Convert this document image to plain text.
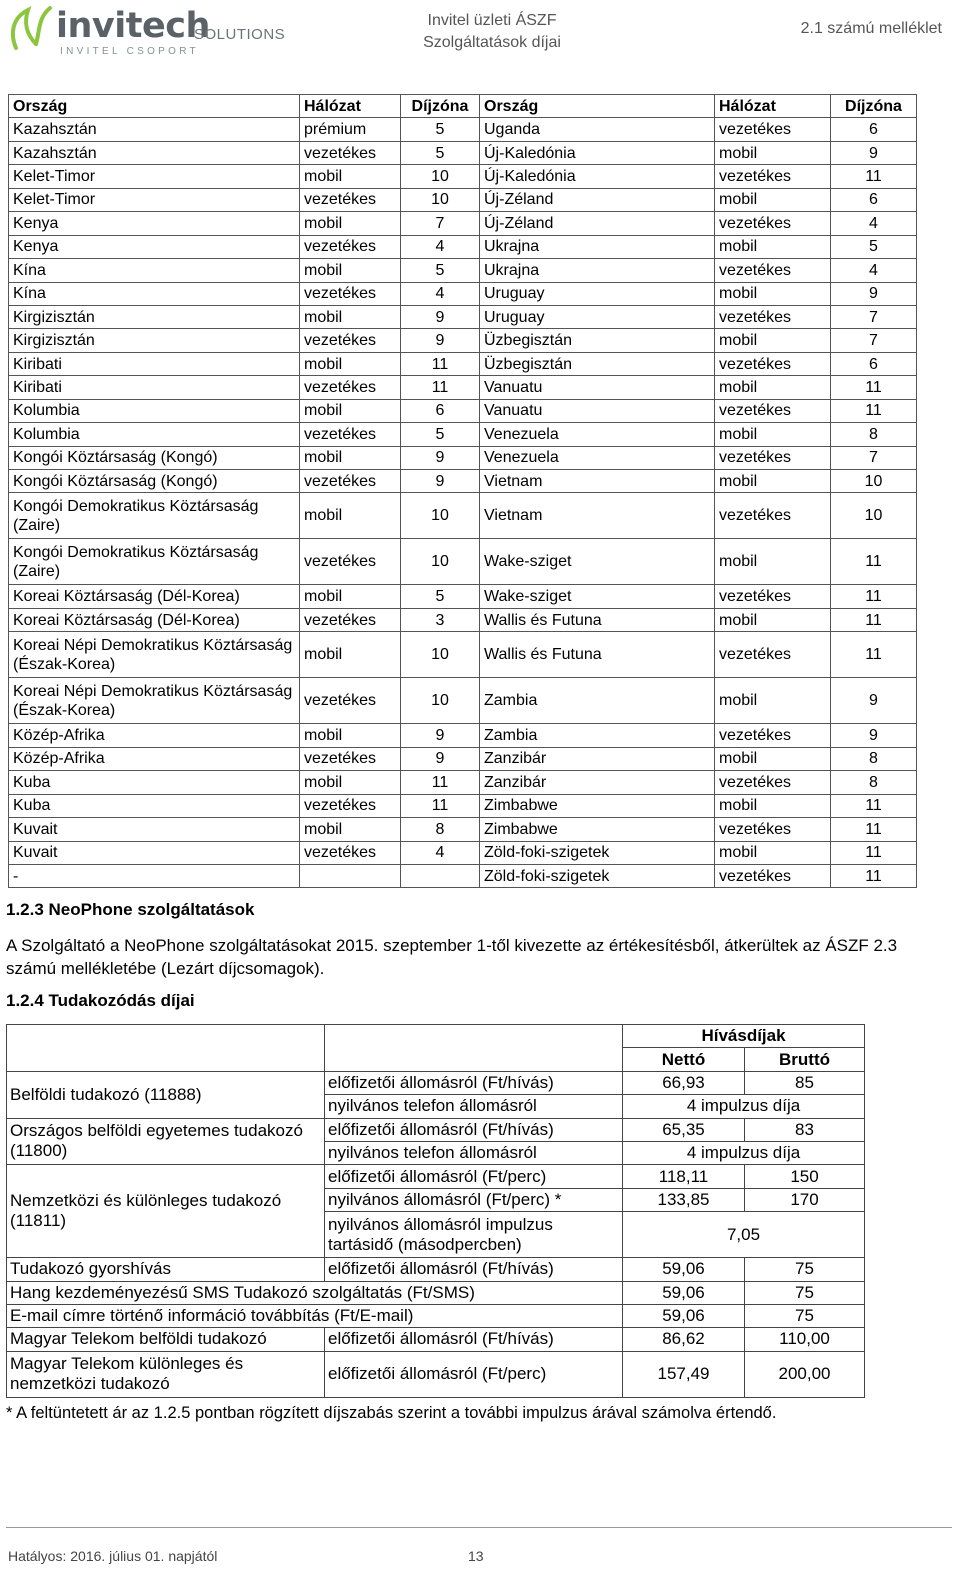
invitech
SOLUTIONS
INVITEL CSOPORT
Invitel üzleti ÁSZF
Szolgáltatások díjai
2.1 számú melléklet
Ország	Hálózat	Díjzóna	Ország	Hálózat	Díjzóna
Kazahsztán	prémium	5	Uganda	vezetékes	6
Kazahsztán	vezetékes	5	Új-Kaledónia	mobil	9
Kelet-Timor	mobil	10	Új-Kaledónia	vezetékes	11
Kelet-Timor	vezetékes	10	Új-Zéland	mobil	6
Kenya	mobil	7	Új-Zéland	vezetékes	4
Kenya	vezetékes	4	Ukrajna	mobil	5
Kína	mobil	5	Ukrajna	vezetékes	4
Kína	vezetékes	4	Uruguay	mobil	9
Kirgizisztán	mobil	9	Uruguay	vezetékes	7
Kirgizisztán	vezetékes	9	Üzbegisztán	mobil	7
Kiribati	mobil	11	Üzbegisztán	vezetékes	6
Kiribati	vezetékes	11	Vanuatu	mobil	11
Kolumbia	mobil	6	Vanuatu	vezetékes	11
Kolumbia	vezetékes	5	Venezuela	mobil	8
Kongói Köztársaság (Kongó)	mobil	9	Venezuela	vezetékes	7
Kongói Köztársaság (Kongó)	vezetékes	9	Vietnam	mobil	10
Kongói Demokratikus Köztársaság (Zaire)	mobil	10	Vietnam	vezetékes	10
Kongói Demokratikus Köztársaság (Zaire)	vezetékes	10	Wake-sziget	mobil	11
Koreai Köztársaság (Dél-Korea)	mobil	5	Wake-sziget	vezetékes	11
Koreai Köztársaság (Dél-Korea)	vezetékes	3	Wallis és Futuna	mobil	11
Koreai Népi Demokratikus Köztársaság (Észak-Korea)	mobil	10	Wallis és Futuna	vezetékes	11
Koreai Népi Demokratikus Köztársaság (Észak-Korea)	vezetékes	10	Zambia	mobil	9
Közép-Afrika	mobil	9	Zambia	vezetékes	9
Közép-Afrika	vezetékes	9	Zanzibár	mobil	8
Kuba	mobil	11	Zanzibár	vezetékes	8
Kuba	vezetékes	11	Zimbabwe	mobil	11
Kuvait	mobil	8	Zimbabwe	vezetékes	11
Kuvait	vezetékes	4	Zöld-foki-szigetek	mobil	11
-			Zöld-foki-szigetek	vezetékes	11
1.2.3 NeoPhone szolgáltatások
A Szolgáltató a NeoPhone szolgáltatásokat 2015. szeptember 1-től kivezette az értékesítésből, átkerültek az ÁSZF 2.3 számú mellékletébe (Lezárt díjcsomagok).
1.2.4 Tudakozódás díjai
		Hívásdíjak	
		Nettó	Bruttó
Belföldi tudakozó (11888)	előfizetői állomásról (Ft/hívás)	66,93	85
	nyilvános telefon állomásról	4 impulzus díja	
Országos belföldi egyetemes tudakozó (11800)	előfizetői állomásról (Ft/hívás)	65,35	83
	nyilvános telefon állomásról	4 impulzus díja	
Nemzetközi és különleges tudakozó (11811)	előfizetői állomásról (Ft/perc)	118,11	150
	nyilvános állomásról (Ft/perc) *	133,85	170
	nyilvános állomásról impulzus tartásidő (másodpercben)	7,05	
Tudakozó gyorshívás	előfizetői állomásról (Ft/hívás)	59,06	75
Hang kezdeményezésű SMS Tudakozó szolgáltatás (Ft/SMS)		59,06	75
E-mail címre történő információ továbbítás (Ft/E-mail)		59,06	75
Magyar Telekom belföldi tudakozó	előfizetői állomásról (Ft/hívás)	86,62	110,00
Magyar Telekom különleges és nemzetközi tudakozó	előfizetői állomásról (Ft/perc)	157,49	200,00
* A feltüntetett ár az 1.2.5 pontban rögzített díjszabás szerint a további impulzus árával számolva értendő.
Hatályos: 2016. július 01. napjától	13
